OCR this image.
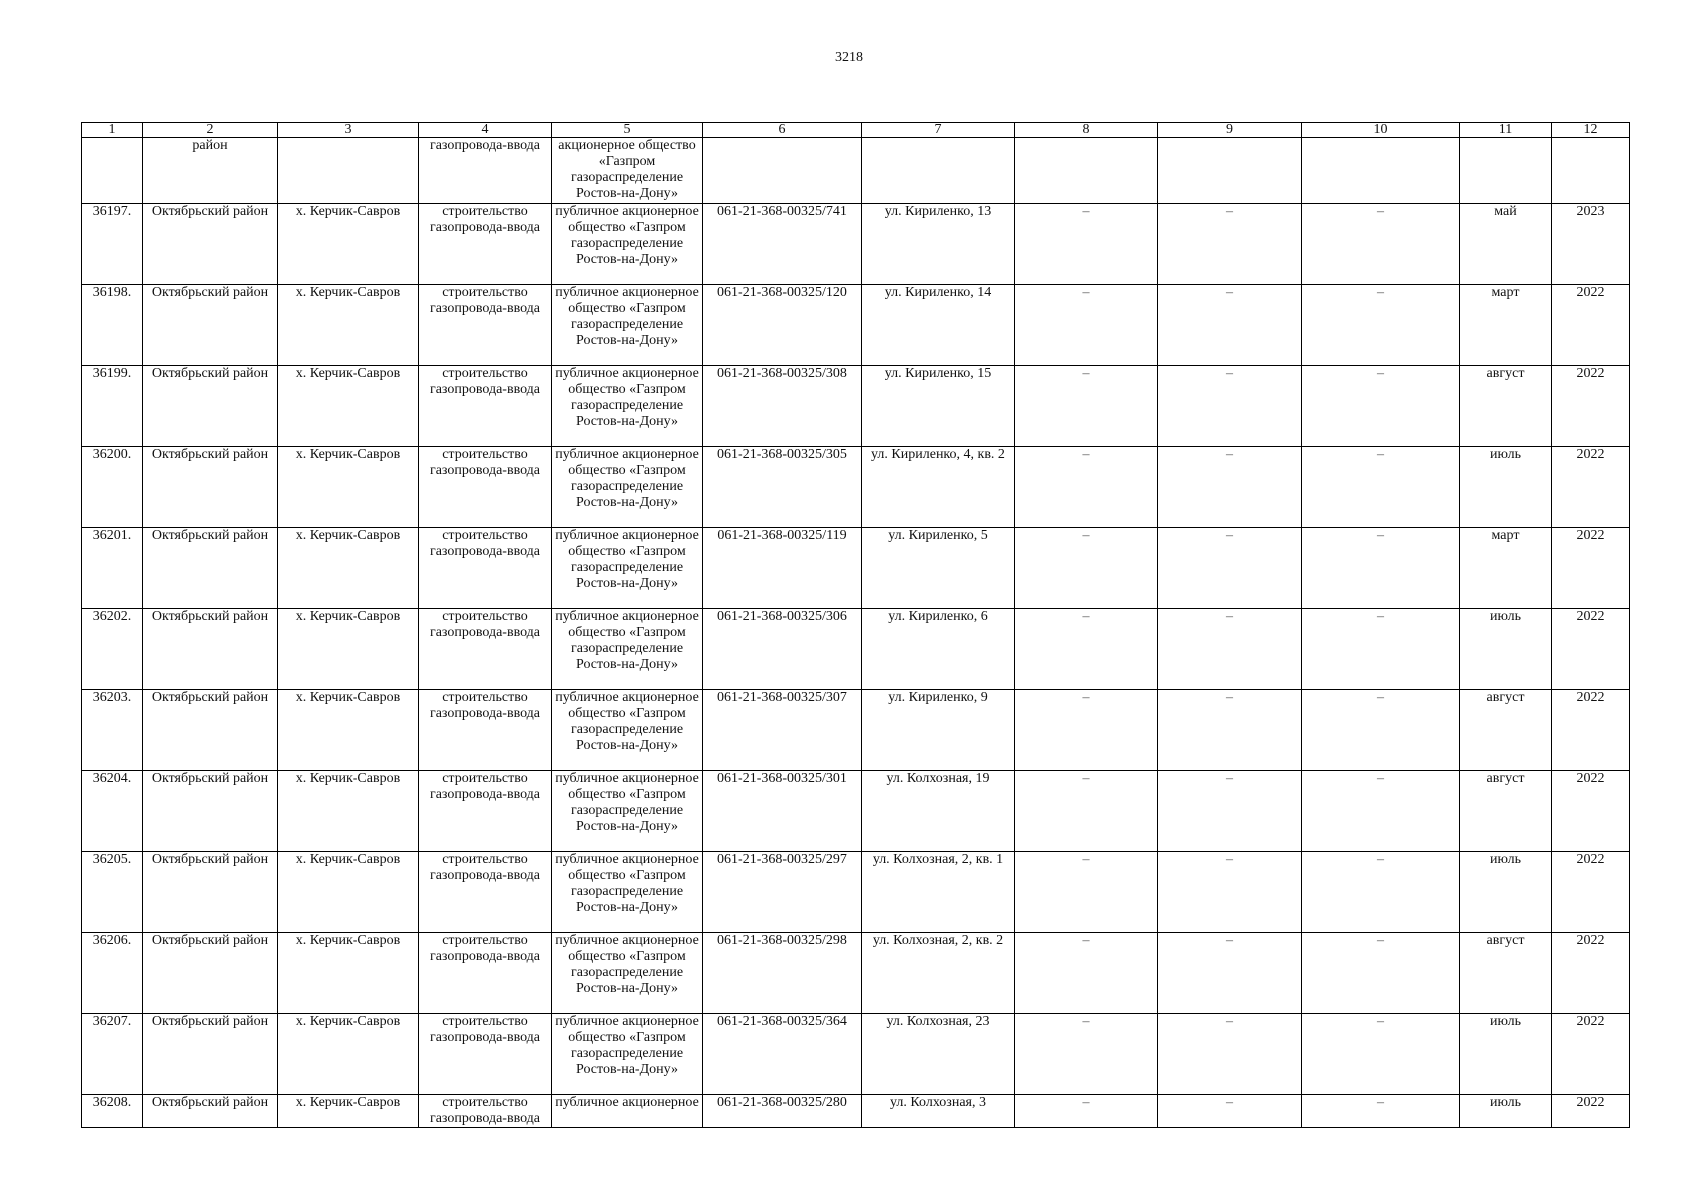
3218
1	2	3	4	5	6	7	8	9	10	11	12
	район		газопровода-ввода	акционерное общество «Газпром газораспределение Ростов-на-Дону»							
36197.	Октябрьский район	х. Керчик-Савров	строительство газопровода-ввода	публичное акционерное общество «Газпром газораспределение Ростов-на-Дону»	061-21-368-00325/741	ул. Кириленко, 13	–	–	–	май	2023
36198.	Октябрьский район	х. Керчик-Савров	строительство газопровода-ввода	публичное акционерное общество «Газпром газораспределение Ростов-на-Дону»	061-21-368-00325/120	ул. Кириленко, 14	–	–	–	март	2022
36199.	Октябрьский район	х. Керчик-Савров	строительство газопровода-ввода	публичное акционерное общество «Газпром газораспределение Ростов-на-Дону»	061-21-368-00325/308	ул. Кириленко, 15	–	–	–	август	2022
36200.	Октябрьский район	х. Керчик-Савров	строительство газопровода-ввода	публичное акционерное общество «Газпром газораспределение Ростов-на-Дону»	061-21-368-00325/305	ул. Кириленко, 4, кв. 2	–	–	–	июль	2022
36201.	Октябрьский район	х. Керчик-Савров	строительство газопровода-ввода	публичное акционерное общество «Газпром газораспределение Ростов-на-Дону»	061-21-368-00325/119	ул. Кириленко, 5	–	–	–	март	2022
36202.	Октябрьский район	х. Керчик-Савров	строительство газопровода-ввода	публичное акционерное общество «Газпром газораспределение Ростов-на-Дону»	061-21-368-00325/306	ул. Кириленко, 6	–	–	–	июль	2022
36203.	Октябрьский район	х. Керчик-Савров	строительство газопровода-ввода	публичное акционерное общество «Газпром газораспределение Ростов-на-Дону»	061-21-368-00325/307	ул. Кириленко, 9	–	–	–	август	2022
36204.	Октябрьский район	х. Керчик-Савров	строительство газопровода-ввода	публичное акционерное общество «Газпром газораспределение Ростов-на-Дону»	061-21-368-00325/301	ул. Колхозная, 19	–	–	–	август	2022
36205.	Октябрьский район	х. Керчик-Савров	строительство газопровода-ввода	публичное акционерное общество «Газпром газораспределение Ростов-на-Дону»	061-21-368-00325/297	ул. Колхозная, 2, кв. 1	–	–	–	июль	2022
36206.	Октябрьский район	х. Керчик-Савров	строительство газопровода-ввода	публичное акционерное общество «Газпром газораспределение Ростов-на-Дону»	061-21-368-00325/298	ул. Колхозная, 2, кв. 2	–	–	–	август	2022
36207.	Октябрьский район	х. Керчик-Савров	строительство газопровода-ввода	публичное акционерное общество «Газпром газораспределение Ростов-на-Дону»	061-21-368-00325/364	ул. Колхозная, 23	–	–	–	июль	2022
36208.	Октябрьский район	х. Керчик-Савров	строительство газопровода-ввода	публичное акционерное	061-21-368-00325/280	ул. Колхозная, 3	–	–	–	июль	2022
